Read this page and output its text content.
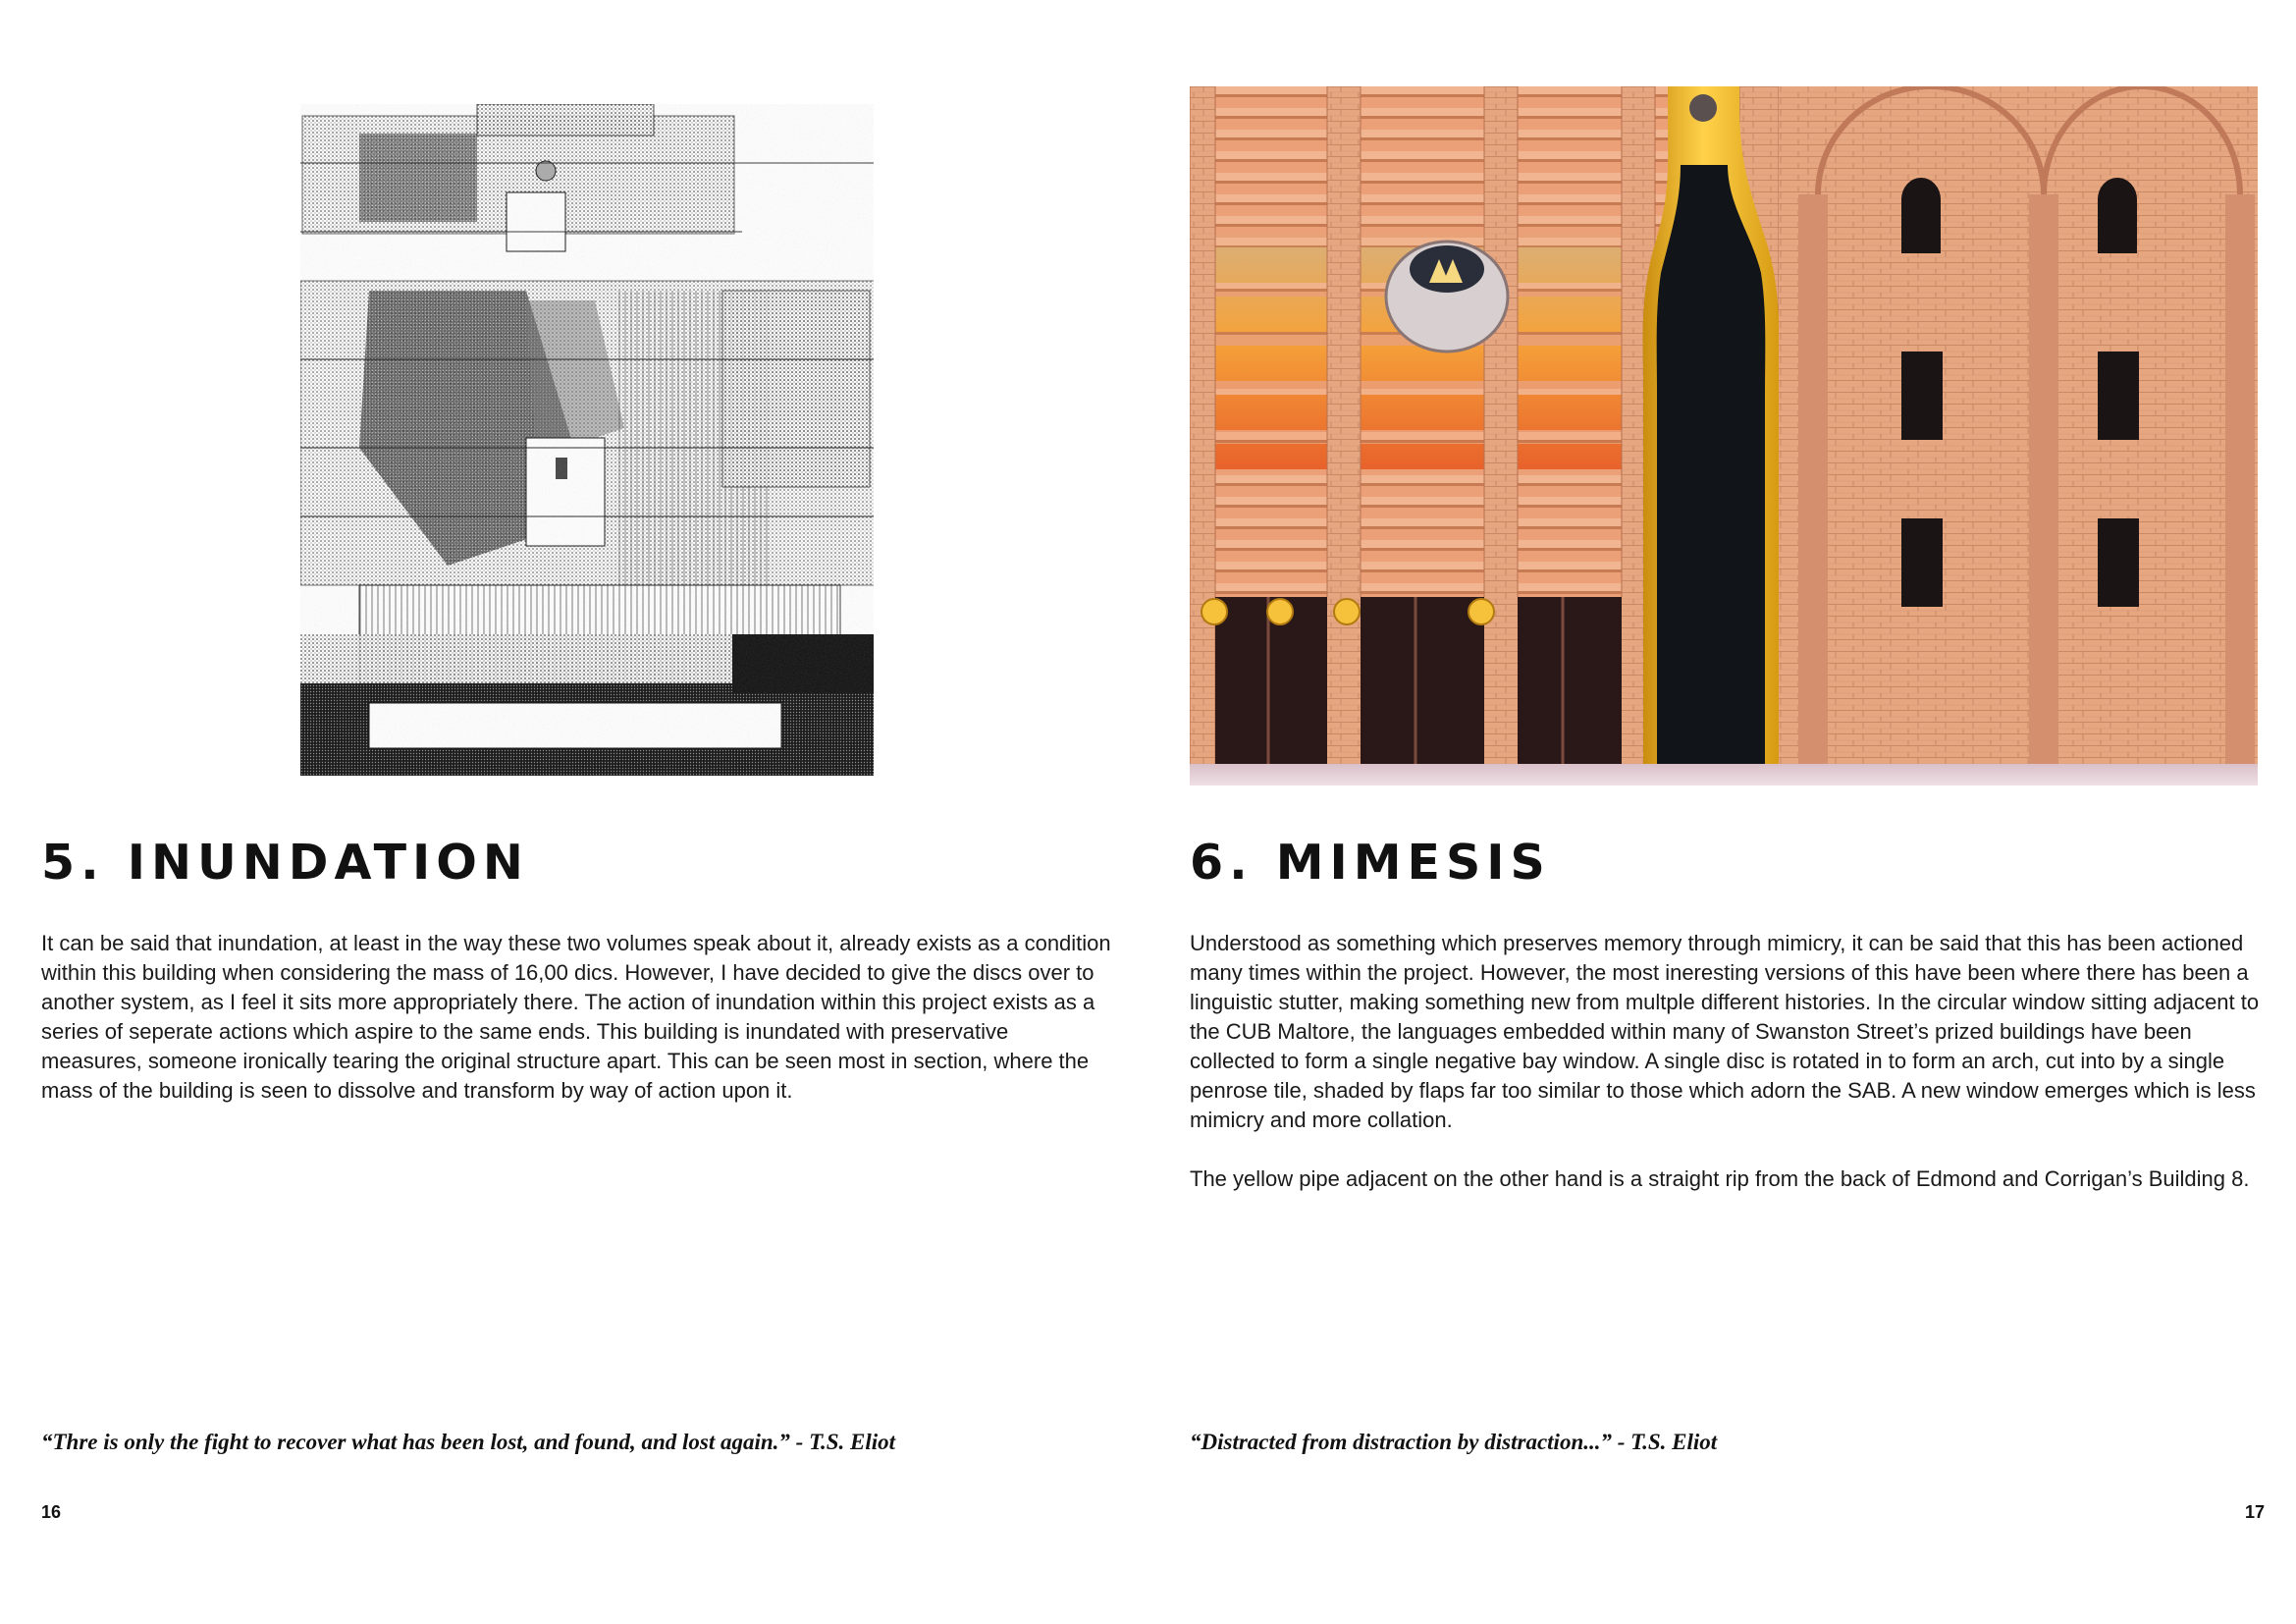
5. INUNDATION

It can be said that inundation, at least in the way these two volumes speak about it, already exists as a condition within this building when considering the mass of 16,00 dics. However, I have decided to give the discs over to another system, as I feel it sits more appropriately there. The action of inundation within this project exists as a series of seperate actions which aspire to the same ends. This building is inundated with preservative measures, someone ironically tearing the original structure apart. This can be seen most in section, where the mass of the building is seen to dissolve and transform by way of action upon it.

“Thre is only the fight to recover what has been lost, and found, and lost again.” - T.S. Eliot

16

6. MIMESIS

Understood as something which preserves memory through mimicry, it can be said that this has been actioned many times within the project. However, the most ineresting versions of this have been where there has been a linguistic stutter, making something new from multple different histories. In the circular window sitting adjacent to the CUB Maltore, the languages embedded within many of Swanston Street’s prized buildings have been collected to form a single negative bay window. A single disc is rotated in to form an arch, cut into by a single penrose tile, shaded by flaps far too similar to those which adorn the SAB. A new window emerges which is less mimicry and more collation.

The yellow pipe adjacent on the other hand is a straight rip from the back of Edmond and Corrigan’s Building 8.

“Distracted from distraction by distraction...” - T.S. Eliot

17
